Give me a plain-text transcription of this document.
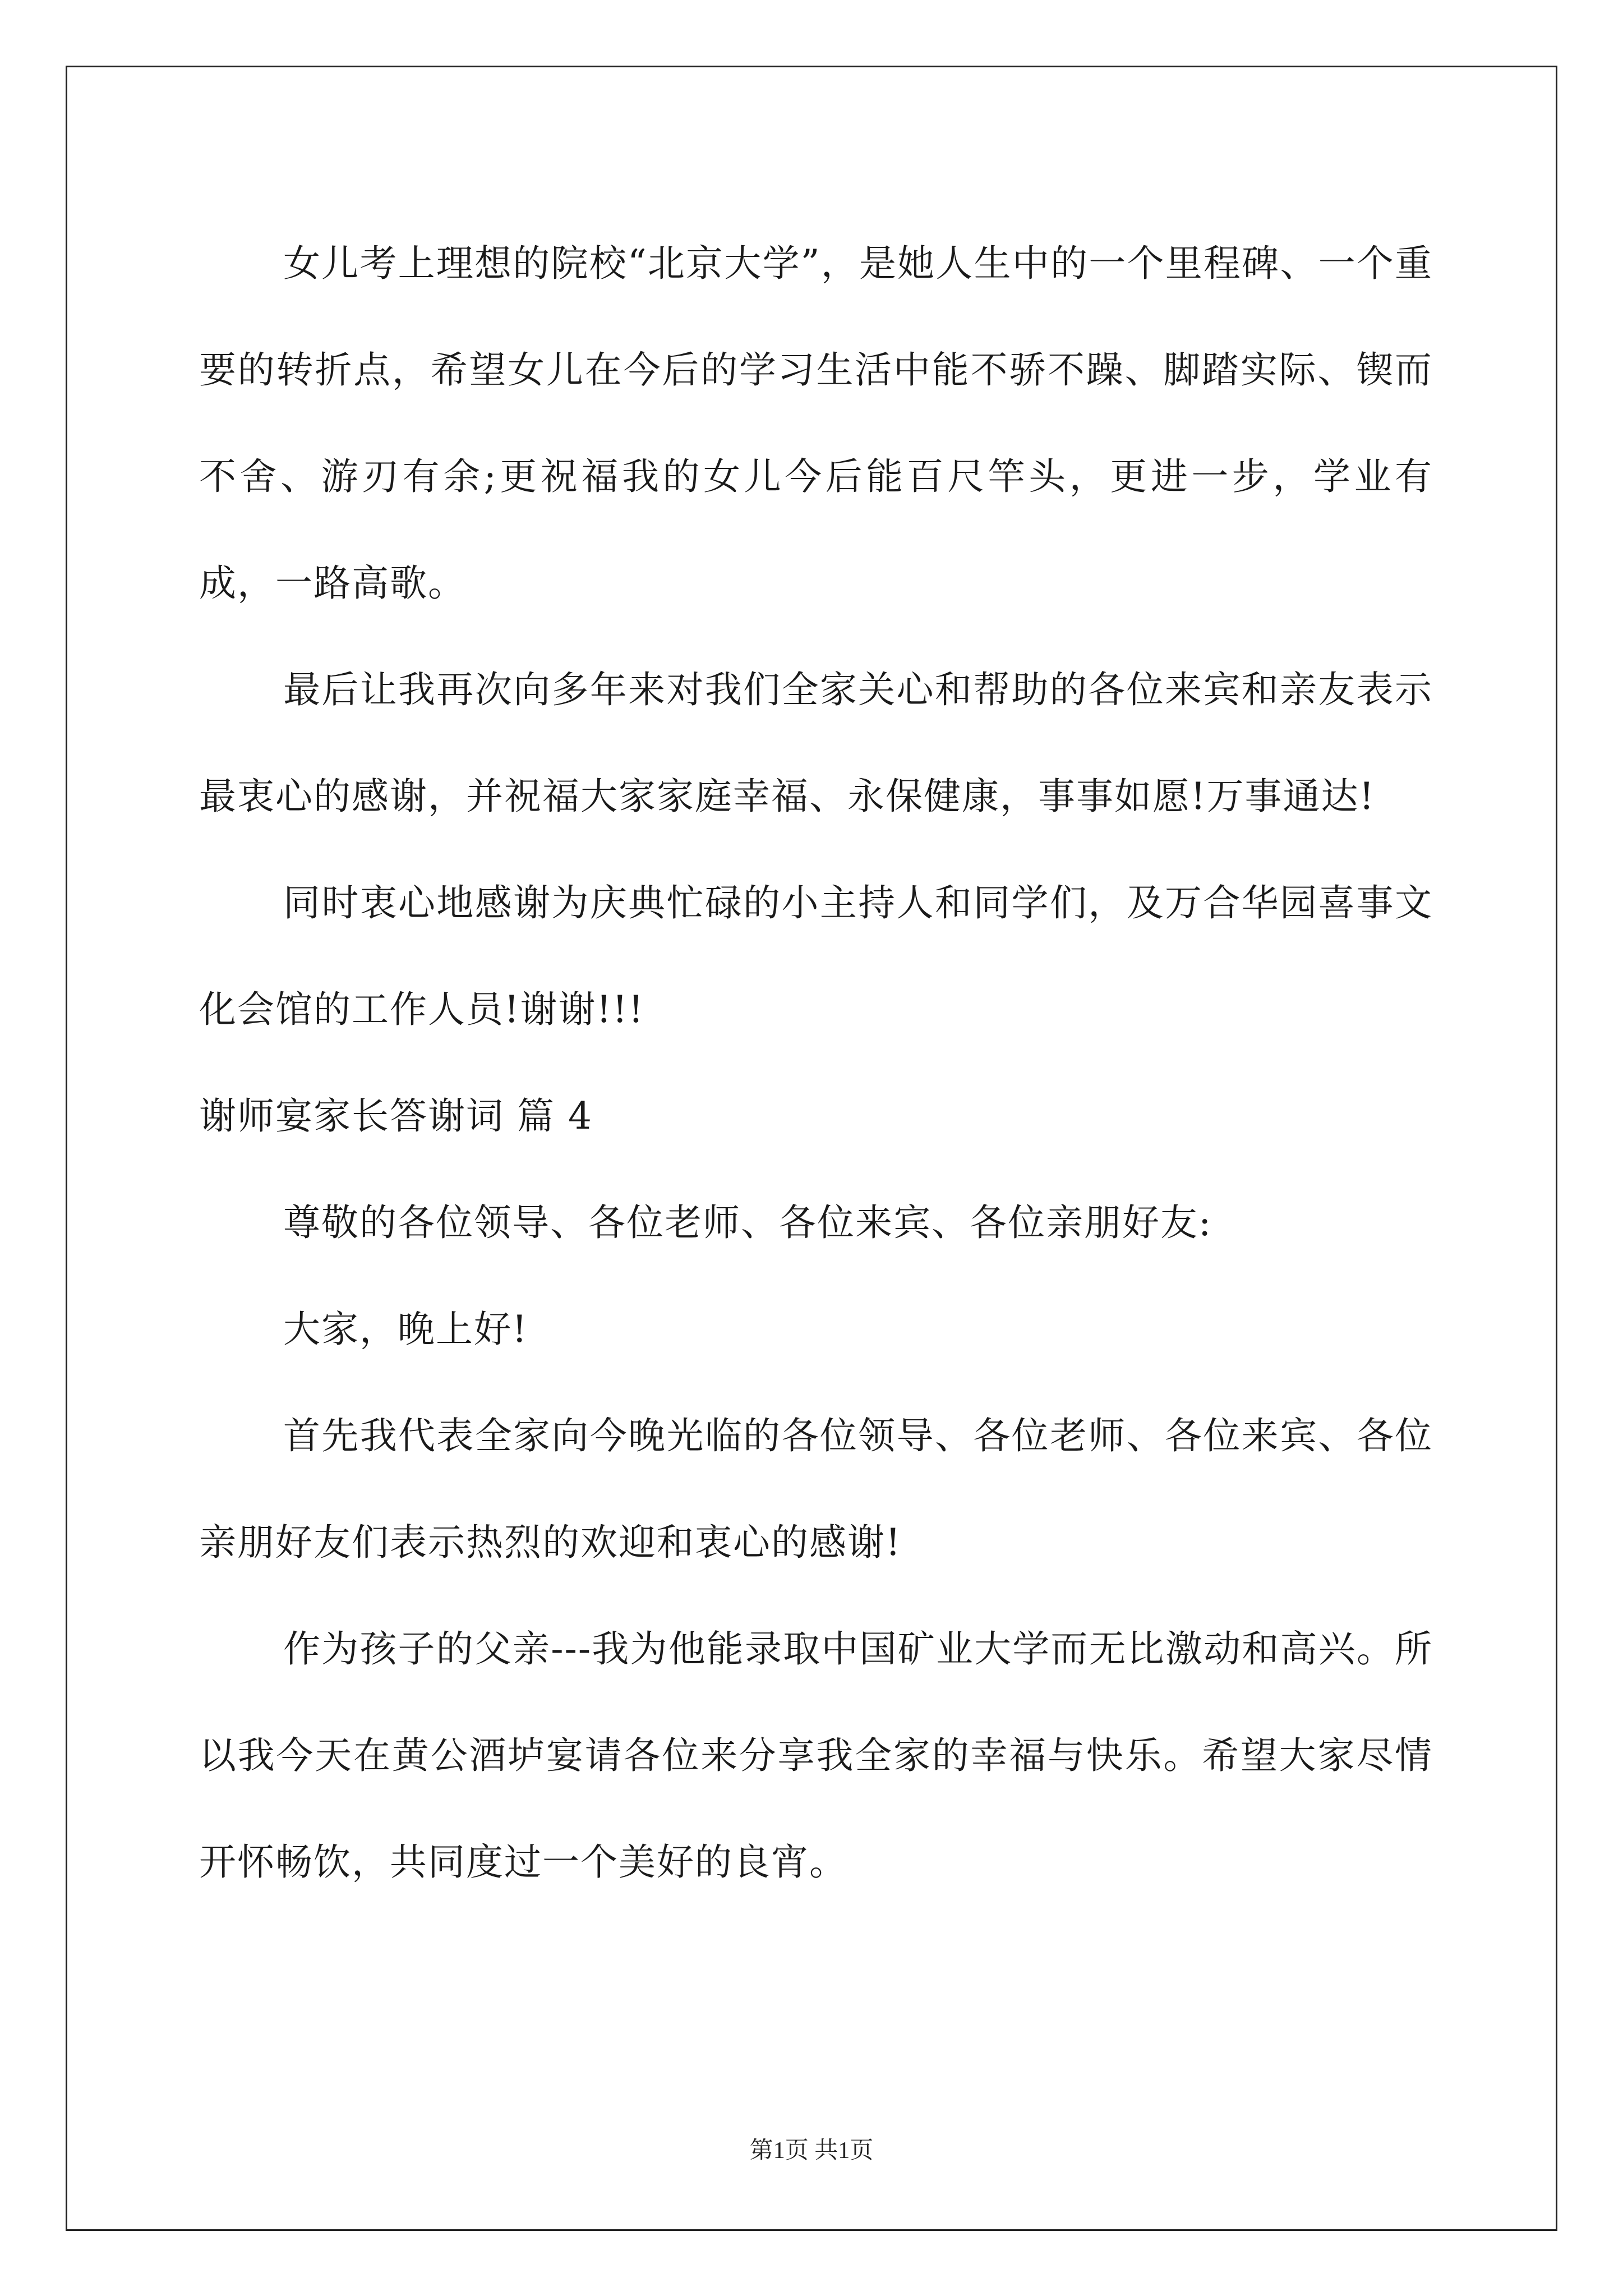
女儿考上理想的院校“北京大学”，是她人生中的一个里程碑、一个重要的转折点，希望女儿在今后的学习生活中能不骄不躁、脚踏实际、锲而不舍、游刃有余;更祝福我的女儿今后能百尺竿头，更进一步，学业有成，一路高歌。

最后让我再次向多年来对我们全家关心和帮助的各位来宾和亲友表示最衷心的感谢，并祝福大家家庭幸福、永保健康，事事如愿!万事通达!

同时衷心地感谢为庆典忙碌的小主持人和同学们，及万合华园喜事文化会馆的工作人员!谢谢!!!

谢师宴家长答谢词 篇 4

尊敬的各位领导、各位老师、各位来宾、各位亲朋好友:

大家，晚上好!

首先我代表全家向今晚光临的各位领导、各位老师、各位来宾、各位亲朋好友们表示热烈的欢迎和衷心的感谢!

作为孩子的父亲---我为他能录取中国矿业大学而无比激动和高兴。所以我今天在黄公酒垆宴请各位来分享我全家的幸福与快乐。希望大家尽情开怀畅饮，共同度过一个美好的良宵。

第1页 共1页
